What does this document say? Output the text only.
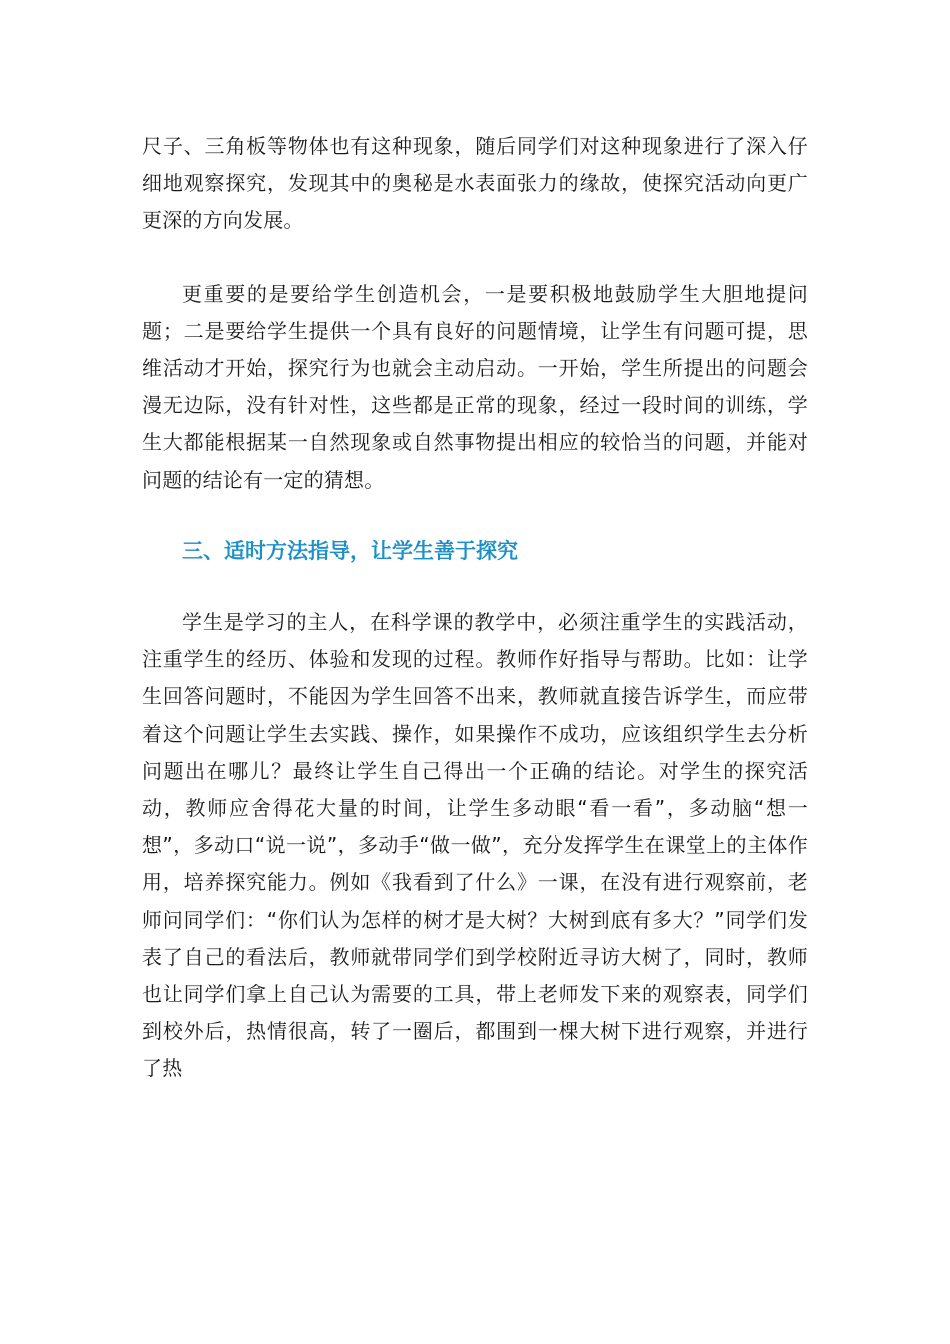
尺子、三角板等物体也有这种现象，随后同学们对这种现象进行了深入仔细地观察探究，发现其中的奥秘是水表面张力的缘故，使探究活动向更广更深的方向发展。

更重要的是要给学生创造机会，一是要积极地鼓励学生大胆地提问题；二是要给学生提供一个具有良好的问题情境，让学生有问题可提，思维活动才开始，探究行为也就会主动启动。一开始，学生所提出的问题会漫无边际，没有针对性，这些都是正常的现象，经过一段时间的训练，学生大都能根据某一自然现象或自然事物提出相应的较恰当的问题，并能对问题的结论有一定的猜想。

三、适时方法指导，让学生善于探究

学生是学习的主人，在科学课的教学中，必须注重学生的实践活动，注重学生的经历、体验和发现的过程。教师作好指导与帮助。比如：让学生回答问题时，不能因为学生回答不出来，教师就直接告诉学生，而应带着这个问题让学生去实践、操作，如果操作不成功，应该组织学生去分析问题出在哪儿？最终让学生自己得出一个正确的结论。对学生的探究活动，教师应舍得花大量的时间，让学生多动眼“看一看”，多动脑“想一想”，多动口“说一说”，多动手“做一做”，充分发挥学生在课堂上的主体作用，培养探究能力。例如《我看到了什么》一课，在没有进行观察前，老师问同学们：“你们认为怎样的树才是大树？大树到底有多大？”同学们发表了自己的看法后，教师就带同学们到学校附近寻访大树了，同时，教师也让同学们拿上自己认为需要的工具，带上老师发下来的观察表，同学们到校外后，热情很高，转了一圈后，都围到一棵大树下进行观察，并进行了热
